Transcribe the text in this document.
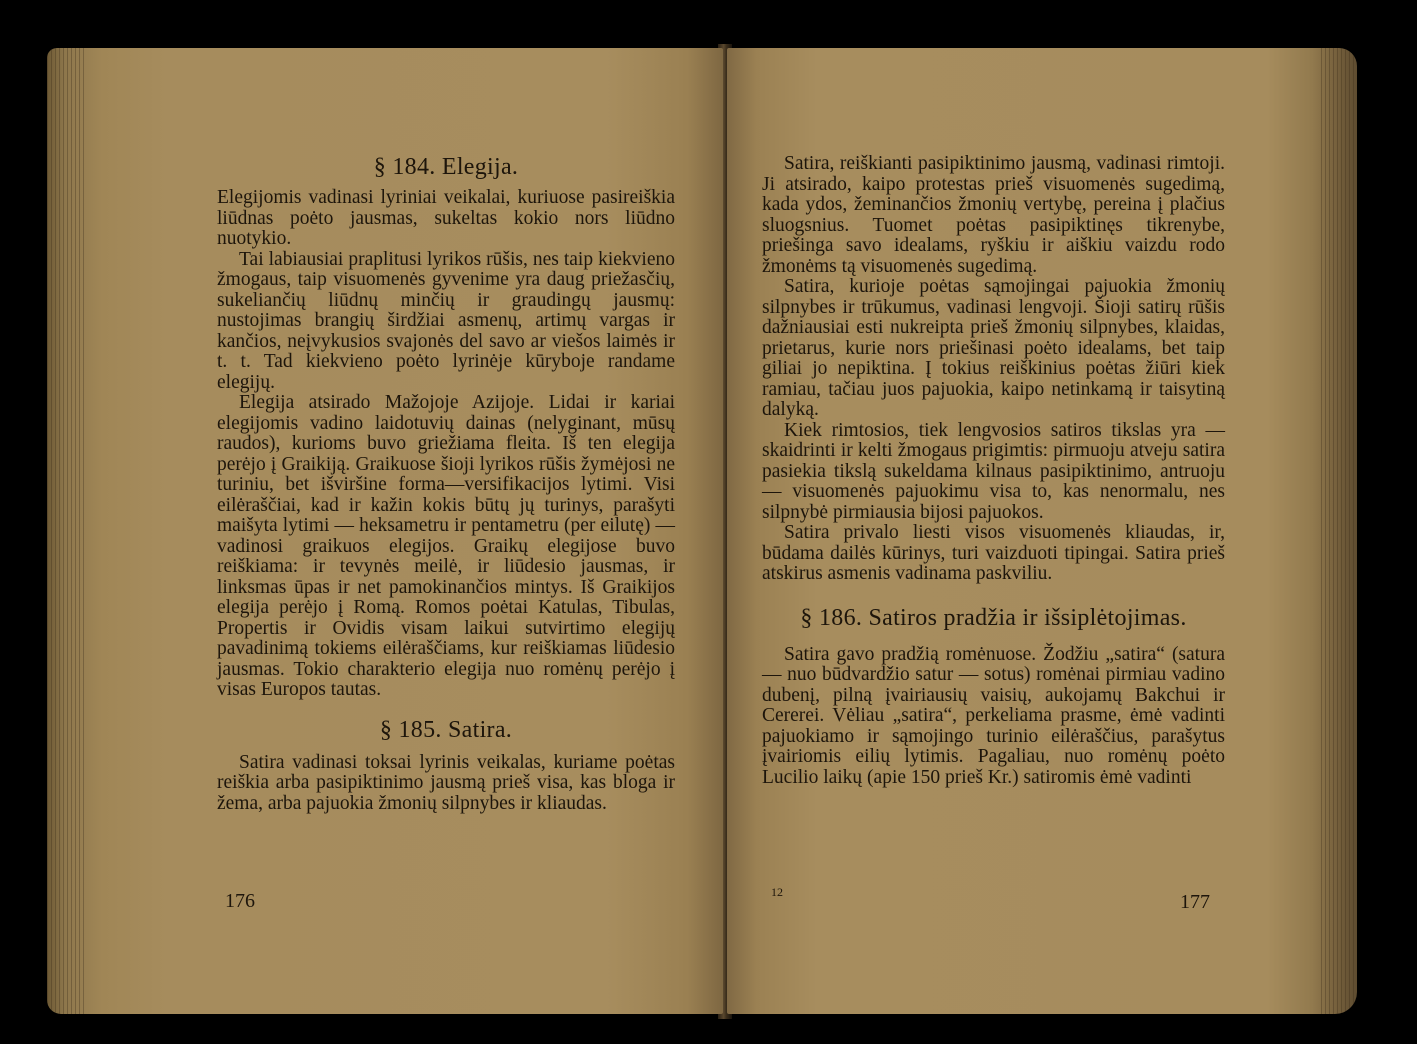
§ 184. Elegija.

Elegijomis vadinasi lyriniai veikalai, kuriuose pasireiškia liūdnas poėto jausmas, sukeltas kokio nors liūdno nuotykio.

Tai labiausiai praplitusi lyrikos rūšis, nes taip kiekvieno žmogaus, taip visuomenės gyvenime yra daug priežasčių, sukeliančių liūdnų minčių ir graudingų jausmų: nustojimas brangių širdžiai asmenų, artimų vargas ir kančios, neįvykusios svajonės del savo ar viešos laimės ir t. t. Tad kiekvieno poėto lyrinėje kūryboje randame elegijų.

Elegija atsirado Mažojoje Azijoje. Lidai ir kariai elegijomis vadino laidotuvių dainas (nelyginant, mūsų raudos), kurioms buvo griežiama fleita. Iš ten elegija perėjo į Graikiją. Graikuose šioji lyrikos rūšis žymėjosi ne turiniu, bet išviršine forma—versifikacijos lytimi. Visi eilėraščiai, kad ir kažin kokis būtų jų turinys, parašyti maišyta lytimi — heksametru ir pentametru (per eilutę) — vadinosi graikuos elegijos. Graikų elegijose buvo reiškiama: ir tevynės meilė, ir liūdesio jausmas, ir linksmas ūpas ir net pamokinančios mintys. Iš Graikijos elegija perėjo į Romą. Romos poėtai Katulas, Tibulas, Propertis ir Ovidis visam laikui sutvirtimo elegijų pavadinimą tokiems eilėraščiams, kur reiškiamas liūdesio jausmas. Tokio charakterio elegija nuo romėnų perėjo į visas Europos tautas.

§ 185. Satira.

Satira vadinasi toksai lyrinis veikalas, kuriame poėtas reiškia arba pasipiktinimo jausmą prieš visa, kas bloga ir žema, arba pajuokia žmonių silpnybes ir kliaudas.

176

Satira, reiškianti pasipiktinimo jausmą, vadinasi rimtoji. Ji atsirado, kaipo protestas prieš visuomenės sugedimą, kada ydos, žeminančios žmonių vertybę, pereina į plačius sluogsnius. Tuomet poėtas pasipiktinęs tikrenybe, priešinga savo idealams, ryškiu ir aiškiu vaizdu rodo žmonėms tą visuomenės sugedimą.

Satira, kurioje poėtas sąmojingai pajuokia žmonių silpnybes ir trūkumus, vadinasi lengvoji. Šioji satirų rūšis dažniausiai esti nukreipta prieš žmonių silpnybes, klaidas, prietarus, kurie nors priešinasi poėto idealams, bet taip giliai jo nepiktina. Į tokius reiškinius poėtas žiūri kiek ramiau, tačiau juos pajuokia, kaipo netinkamą ir taisytiną dalyką.

Kiek rimtosios, tiek lengvosios satiros tikslas yra — skaidrinti ir kelti žmogaus prigimtis: pirmuoju atveju satira pasiekia tikslą sukeldama kilnaus pasipiktinimo, antruoju — visuomenės pajuokimu visa to, kas nenormalu, nes silpnybė pirmiausia bijosi pajuokos.

Satira privalo liesti visos visuomenės kliaudas, ir, būdama dailės kūrinys, turi vaizduoti tipingai. Satira prieš atskirus asmenis vadinama paskviliu.

§ 186. Satiros pradžia ir išsiplėtojimas.

Satira gavo pradžią romėnuose. Žodžiu „satira“ (satura — nuo būdvardžio satur — sotus) romėnai pirmiau vadino dubenį, pilną įvairiausių vaisių, aukojamų Bakchui ir Cererei. Vėliau „satira“, perkeliama prasme, ėmė vadinti pajuokiamo ir sąmojingo turinio eilėraščius, parašytus įvairiomis eilių lytimis. Pagaliau, nuo romėnų poėto Lucilio laikų (apie 150 prieš Kr.) satiromis ėmė vadinti

12	177
